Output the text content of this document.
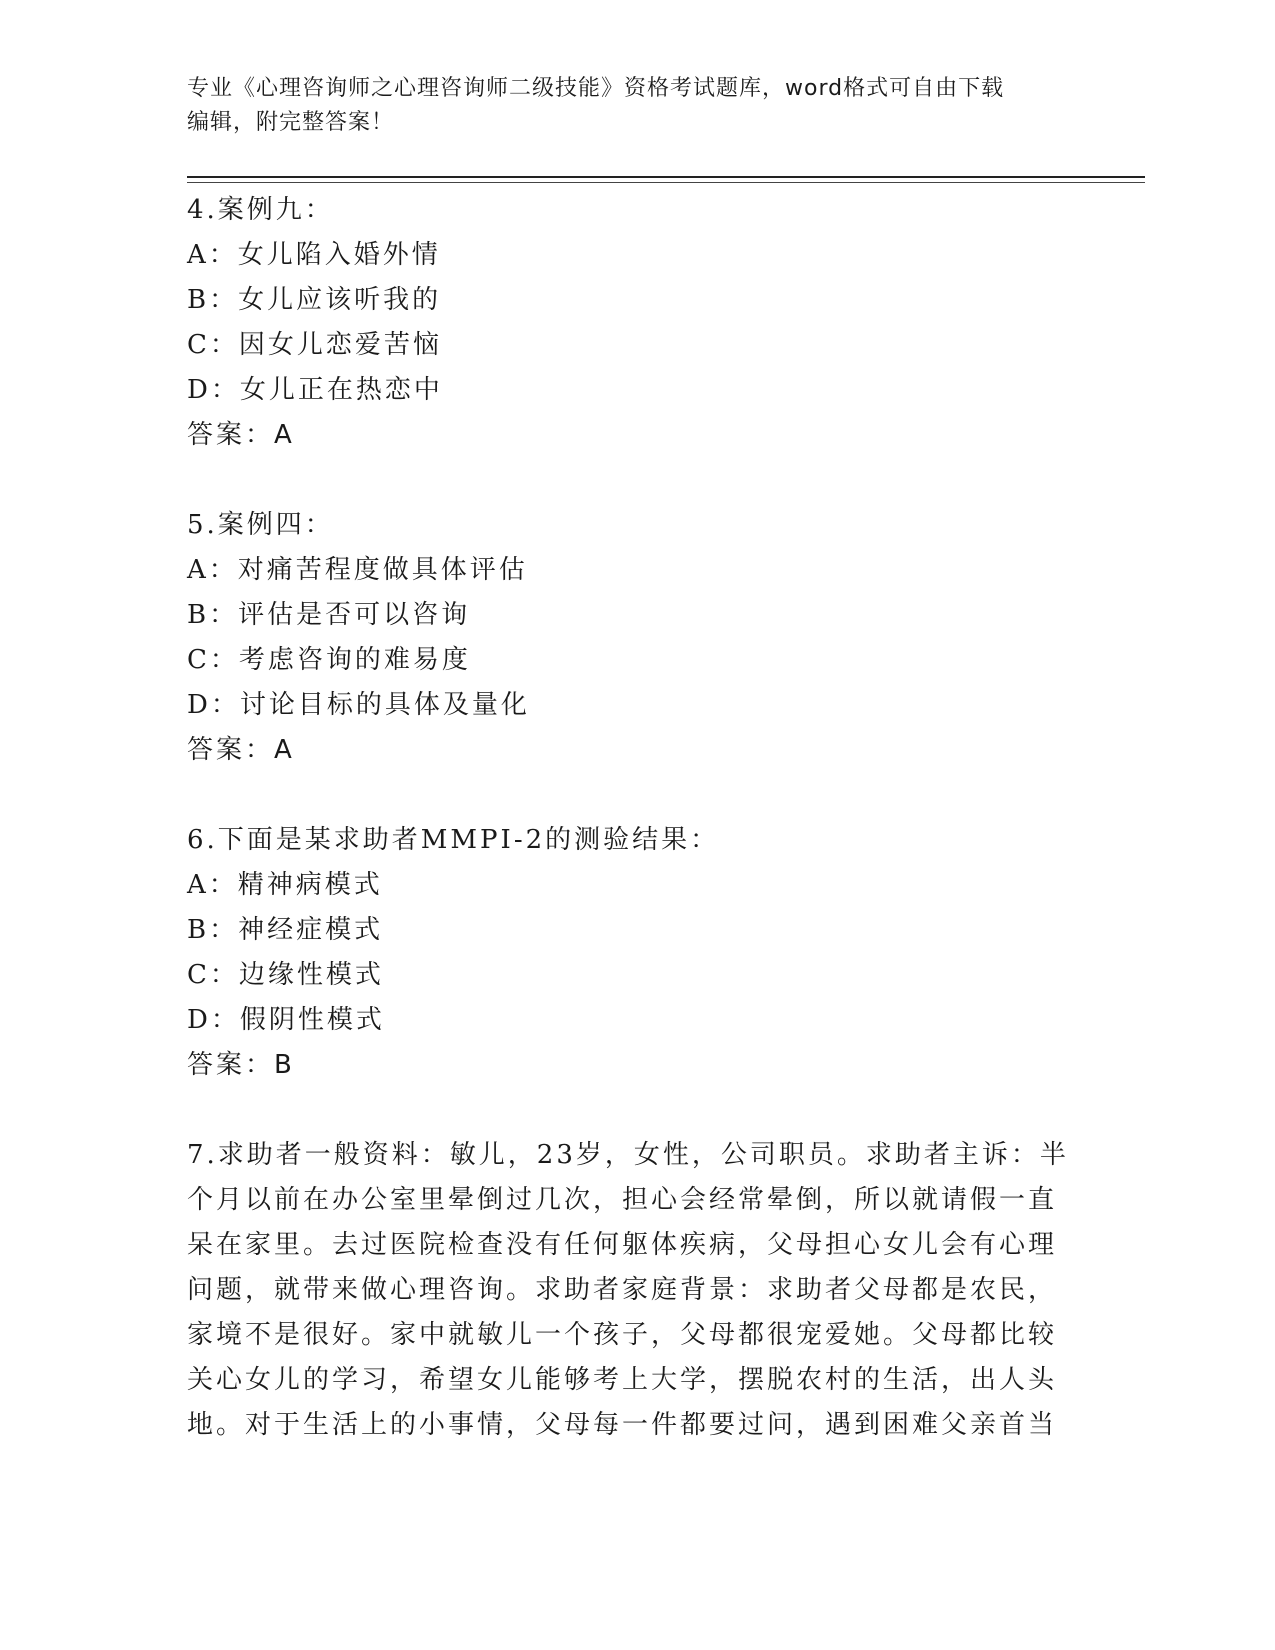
专业《心理咨询师之心理咨询师二级技能》资格考试题库，word格式可自由下载
编辑，附完整答案！
4.案例九：
A：女儿陷入婚外情
B：女儿应该听我的
C：因女儿恋爱苦恼
D：女儿正在热恋中
答案：A
5.案例四：
A：对痛苦程度做具体评估
B：评估是否可以咨询
C：考虑咨询的难易度
D：讨论目标的具体及量化
答案：A
6.下面是某求助者MMPI-2的测验结果：
A：精神病模式
B：神经症模式
C：边缘性模式
D：假阴性模式
答案：B
7.求助者一般资料：敏儿，23岁，女性，公司职员。求助者主诉：半
个月以前在办公室里晕倒过几次，担心会经常晕倒，所以就请假一直
呆在家里。去过医院检查没有任何躯体疾病，父母担心女儿会有心理
问题，就带来做心理咨询。求助者家庭背景：求助者父母都是农民，
家境不是很好。家中就敏儿一个孩子，父母都很宠爱她。父母都比较
关心女儿的学习，希望女儿能够考上大学，摆脱农村的生活，出人头
地。对于生活上的小事情，父母每一件都要过问，遇到困难父亲首当
